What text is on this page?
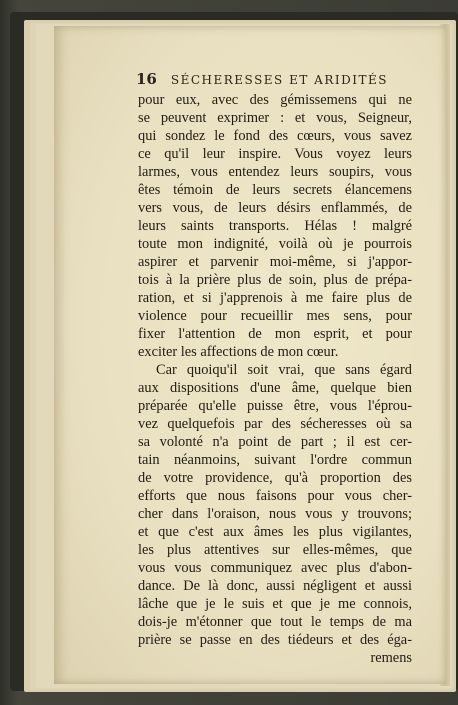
16 SÉCHERESSES ET ARIDITÉS
pour eux, avec des gémissemens qui ne
se peuvent exprimer : et vous, Seigneur,
qui sondez le fond des cœurs, vous savez
ce qu'il leur inspire. Vous voyez leurs
larmes, vous entendez leurs soupirs, vous
êtes témoin de leurs secrets élancemens
vers vous, de leurs désirs enflammés, de
leurs saints transports. Hélas ! malgré
toute mon indignité, voilà où je pourrois
aspirer et parvenir moi-même, si j'appor-
tois à la prière plus de soin, plus de prépa-
ration, et si j'apprenois à me faire plus de
violence pour recueillir mes sens, pour
fixer l'attention de mon esprit, et pour
exciter les affections de mon cœur.
Car quoiqu'il soit vrai, que sans égard
aux dispositions d'une âme, quelque bien
préparée qu'elle puisse être, vous l'éprou-
vez quelquefois par des sécheresses où sa
sa volonté n'a point de part ; il est cer-
tain néanmoins, suivant l'ordre commun
de votre providence, qu'à proportion des
efforts que nous faisons pour vous cher-
cher dans l'oraison, nous vous y trouvons;
et que c'est aux âmes les plus vigilantes,
les plus attentives sur elles-mêmes, que
vous vous communiquez avec plus d'abon-
dance. De là donc, aussi négligent et aussi
lâche que je le suis et que je me connois,
dois-je m'étonner que tout le temps de ma
prière se passe en des tiédeurs et des éga-
remens
